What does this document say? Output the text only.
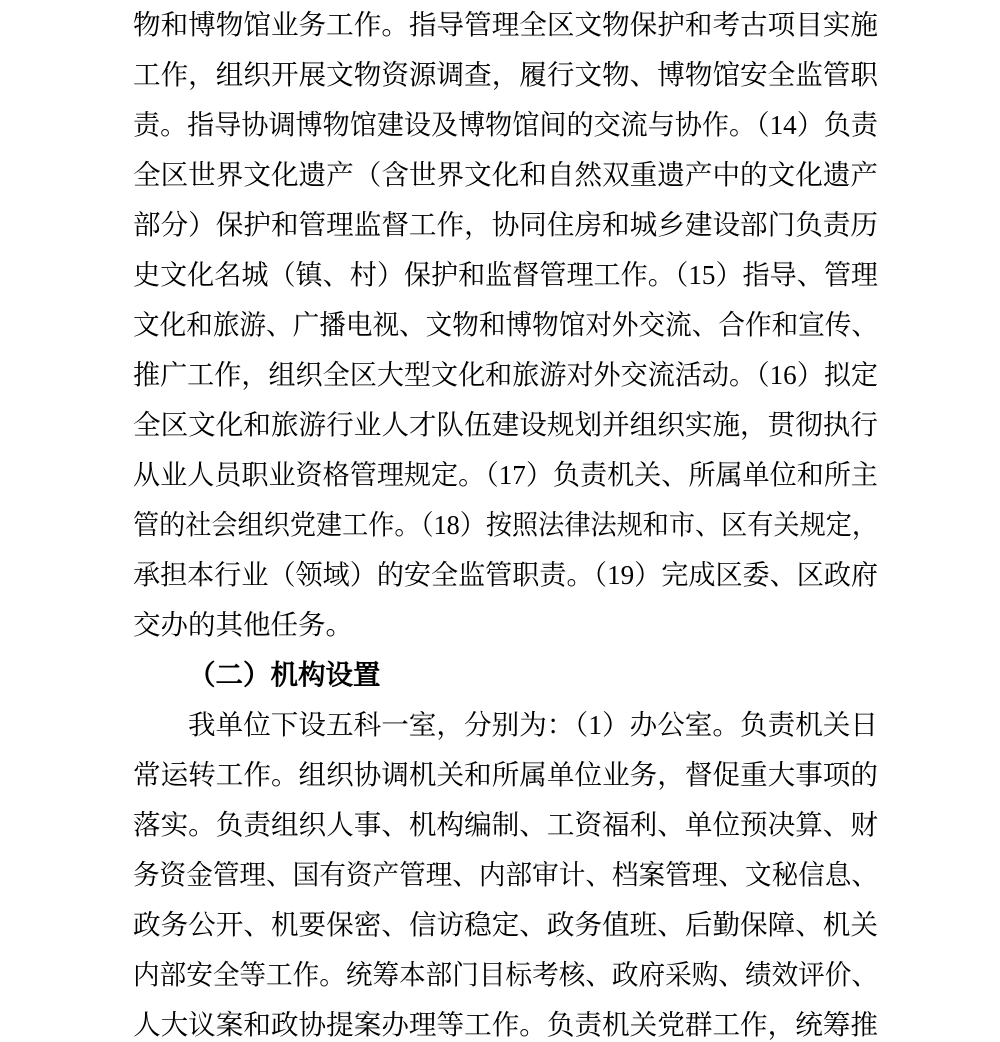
物和博物馆业务工作。指导管理全区文物保护和考古项目实施
工作，组织开展文物资源调查，履行文物、博物馆安全监管职
责。指导协调博物馆建设及博物馆间的交流与协作。（14）负责
全区世界文化遗产（含世界文化和自然双重遗产中的文化遗产
部分）保护和管理监督工作，协同住房和城乡建设部门负责历
史文化名城（镇、村）保护和监督管理工作。（15）指导、管理
文化和旅游、广播电视、文物和博物馆对外交流、合作和宣传、
推广工作，组织全区大型文化和旅游对外交流活动。（16）拟定
全区文化和旅游行业人才队伍建设规划并组织实施，贯彻执行
从业人员职业资格管理规定。（17）负责机关、所属单位和所主
管的社会组织党建工作。（18）按照法律法规和市、区有关规定，
承担本行业（领域）的安全监管职责。（19）完成区委、区政府
交办的其他任务。
（二）机构设置
我单位下设五科一室，分别为：（1）办公室。负责机关日
常运转工作。组织协调机关和所属单位业务，督促重大事项的
落实。负责组织人事、机构编制、工资福利、单位预决算、财
务资金管理、国有资产管理、内部审计、档案管理、文秘信息、
政务公开、机要保密、信访稳定、政务值班、后勤保障、机关
内部安全等工作。统筹本部门目标考核、政府采购、绩效评价、
人大议案和政协提案办理等工作。负责机关党群工作，统筹推
